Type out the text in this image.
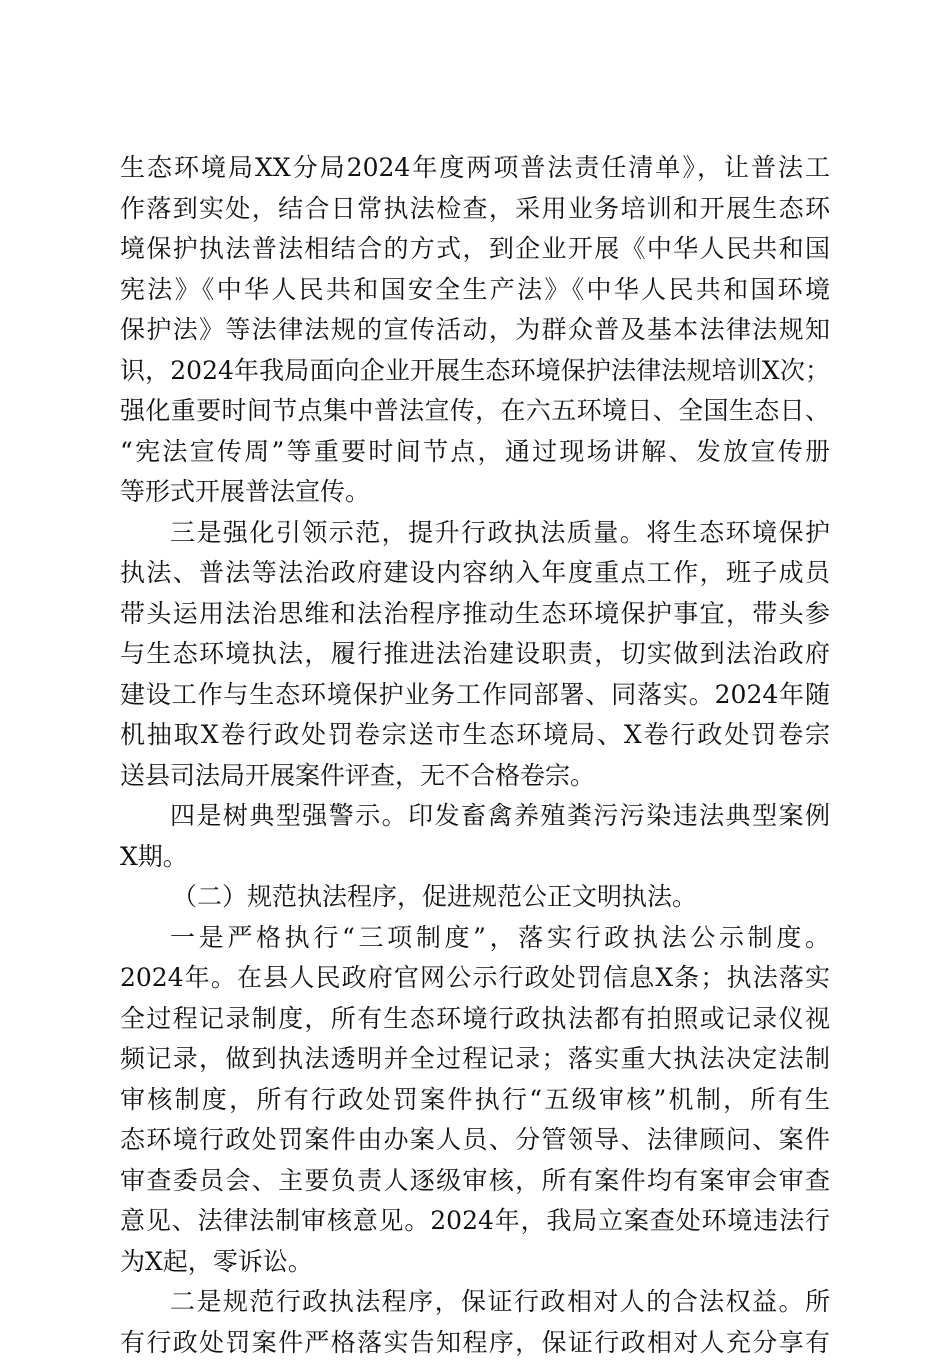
生态环境局XX分局2024年度两项普法责任清单》，让普法工
作落到实处，结合日常执法检查，采用业务培训和开展生态环
境保护执法普法相结合的方式，到企业开展《中华人民共和国
宪法》《中华人民共和国安全生产法》《中华人民共和国环境
保护法》等法律法规的宣传活动，为群众普及基本法律法规知
识，2024年我局面向企业开展生态环境保护法律法规培训X次；
强化重要时间节点集中普法宣传，在六五环境日、全国生态日、
“宪法宣传周”等重要时间节点，通过现场讲解、发放宣传册
等形式开展普法宣传。
三是强化引领示范，提升行政执法质量。将生态环境保护
执法、普法等法治政府建设内容纳入年度重点工作，班子成员
带头运用法治思维和法治程序推动生态环境保护事宜，带头参
与生态环境执法，履行推进法治建设职责，切实做到法治政府
建设工作与生态环境保护业务工作同部署、同落实。2024年随
机抽取X卷行政处罚卷宗送市生态环境局、X卷行政处罚卷宗
送县司法局开展案件评查，无不合格卷宗。
四是树典型强警示。印发畜禽养殖粪污污染违法典型案例
X期。
（二）规范执法程序，促进规范公正文明执法。
一是严格执行“三项制度”，落实行政执法公示制度。
2024年。在县人民政府官网公示行政处罚信息X条；执法落实
全过程记录制度，所有生态环境行政执法都有拍照或记录仪视
频记录，做到执法透明并全过程记录；落实重大执法决定法制
审核制度，所有行政处罚案件执行“五级审核”机制，所有生
态环境行政处罚案件由办案人员、分管领导、法律顾问、案件
审查委员会、主要负责人逐级审核，所有案件均有案审会审查
意见、法律法制审核意见。2024年，我局立案查处环境违法行
为X起，零诉讼。
二是规范行政执法程序，保证行政相对人的合法权益。所
有行政处罚案件严格落实告知程序，保证行政相对人充分享有
